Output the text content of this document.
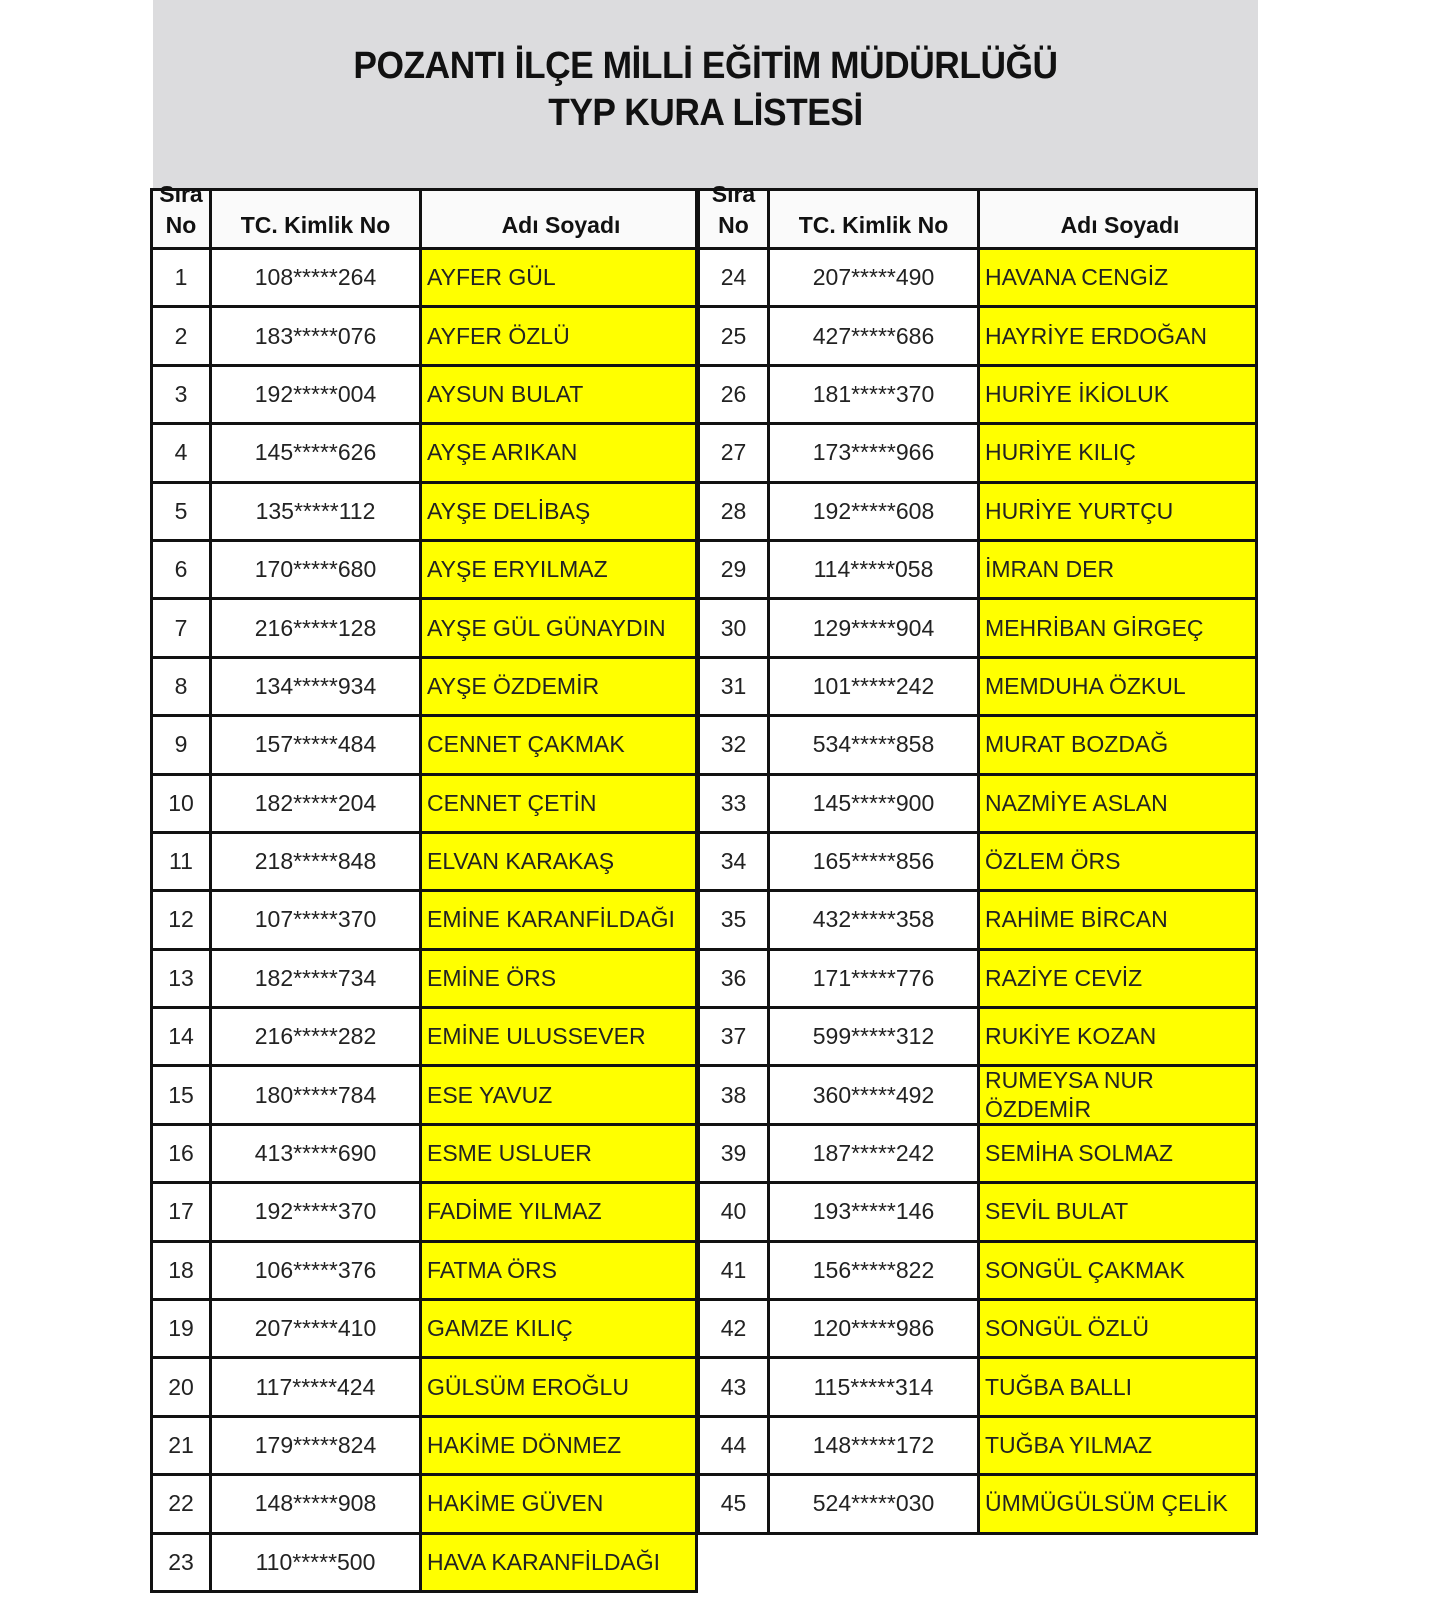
POZANTI İLÇE MİLLİ EĞİTİM MÜDÜRLÜĞÜ
TYP KURA LİSTESİ
Sıra
No	TC. Kimlik No	Adı Soyadı
1	108*****264 AYFER GÜL
2	183*****076 AYFER ÖZLÜ
3	192*****004 AYSUN BULAT
4	145*****626 AYŞE ARIKAN
5	135*****112 AYŞE DELİBAŞ
6	170*****680 AYŞE ERYILMAZ
7	216*****128 AYŞE GÜL GÜNAYDIN
8	134*****934 AYŞE ÖZDEMİR
9	157*****484 CENNET ÇAKMAK
10	182*****204 CENNET ÇETİN
11	218*****848 ELVAN KARAKAŞ
12	107*****370 EMİNE KARANFİLDAĞI
13	182*****734 EMİNE ÖRS
14	216*****282 EMİNE ULUSSEVER
15	180*****784 ESE YAVUZ
16	413*****690 ESME USLUER
17	192*****370 FADİME YILMAZ
18	106*****376 FATMA ÖRS
19	207*****410 GAMZE KILIÇ
20	117*****424 GÜLSÜM EROĞLU
21	179*****824 HAKİME DÖNMEZ
22	148*****908 HAKİME GÜVEN
23	110*****500 HAVA KARANFİLDAĞI
Sıra
No	TC. Kimlik No	Adı Soyadı
24	207*****490 HAVANA CENGİZ
25	427*****686 HAYRİYE ERDOĞAN
26	181*****370 HURİYE İKİOLUK
27	173*****966 HURİYE KILIÇ
28	192*****608 HURİYE YURTÇU
29	114*****058 İMRAN DER
30	129*****904 MEHRİBAN GİRGEÇ
31	101*****242 MEMDUHA ÖZKUL
32	534*****858 MURAT BOZDAĞ
33	145*****900 NAZMİYE ASLAN
34	165*****856 ÖZLEM ÖRS
35	432*****358 RAHİME BİRCAN
36	171*****776 RAZİYE CEVİZ
37	599*****312 RUKİYE KOZAN
38	360*****492
RUMEYSA NUR ÖZDEMİR
39	187*****242 SEMİHA SOLMAZ
40	193*****146 SEVİL BULAT
41	156*****822 SONGÜL ÇAKMAK
42	120*****986 SONGÜL ÖZLÜ
43	115*****314 TUĞBA BALLI
44	148*****172 TUĞBA YILMAZ
45	524*****030 ÜMMÜGÜLSÜM ÇELİK
